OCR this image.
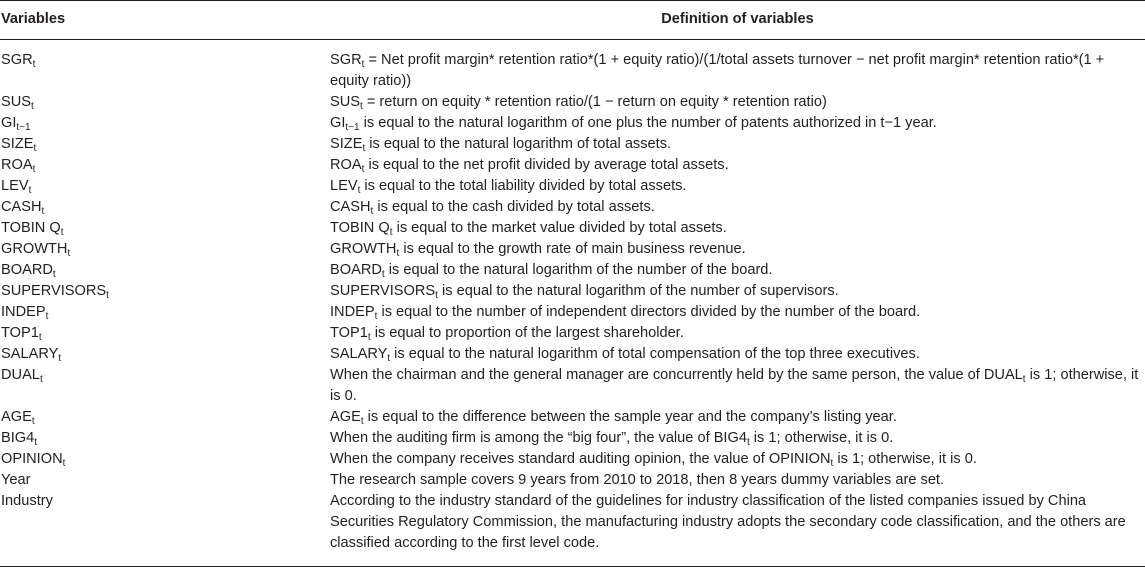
Variables	Definition of variables
$SGR_t$	$SGR_t$ = Net profit margin* retention ratio*(1 + equity ratio)/(1/total assets turnover − net profit margin* retention ratio*(1 + equity ratio))
$SUS_t$	$SUS_t$ = return on equity * retention ratio/(1 − return on equity * retention ratio)
$GI_{t-1}$	$GI_{t-1}$ is equal to the natural logarithm of one plus the number of patents authorized in t−1 year.
$SIZE_t$	$SIZE_t$ is equal to the natural logarithm of total assets.
$ROA_t$	$ROA_t$ is equal to the net profit divided by average total assets.
$LEV_t$	$LEV_t$ is equal to the total liability divided by total assets.
$CASH_t$	$CASH_t$ is equal to the cash divided by total assets.
TOBIN $Q_t$	TOBIN $Q_t$ is equal to the market value divided by total assets.
$GROWTH_t$	$GROWTH_t$ is equal to the growth rate of main business revenue.
$BOARD_t$	$BOARD_t$ is equal to the natural logarithm of the number of the board.
$SUPERVISORS_t$	$SUPERVISORS_t$ is equal to the natural logarithm of the number of supervisors.
$INDEP_t$	$INDEP_t$ is equal to the number of independent directors divided by the number of the board.
$TOP1_t$	$TOP1_t$ is equal to proportion of the largest shareholder.
$SALARY_t$	$SALARY_t$ is equal to the natural logarithm of total compensation of the top three executives.
$DUAL_t$	When the chairman and the general manager are concurrently held by the same person, the value of $DUAL_t$ is 1; otherwise, it is 0.
$AGE_t$	$AGE_t$ is equal to the difference between the sample year and the company’s listing year.
$BIG4_t$	When the auditing firm is among the “big four”, the value of $BIG4_t$ is 1; otherwise, it is 0.
$OPINION_t$	When the company receives standard auditing opinion, the value of $OPINION_t$ is 1; otherwise, it is 0.
Year	The research sample covers 9 years from 2010 to 2018, then 8 years dummy variables are set.
Industry	According to the industry standard of the guidelines for industry classification of the listed companies issued by China Securities Regulatory Commission, the manufacturing industry adopts the secondary code classification, and the others are classified according to the first level code.
